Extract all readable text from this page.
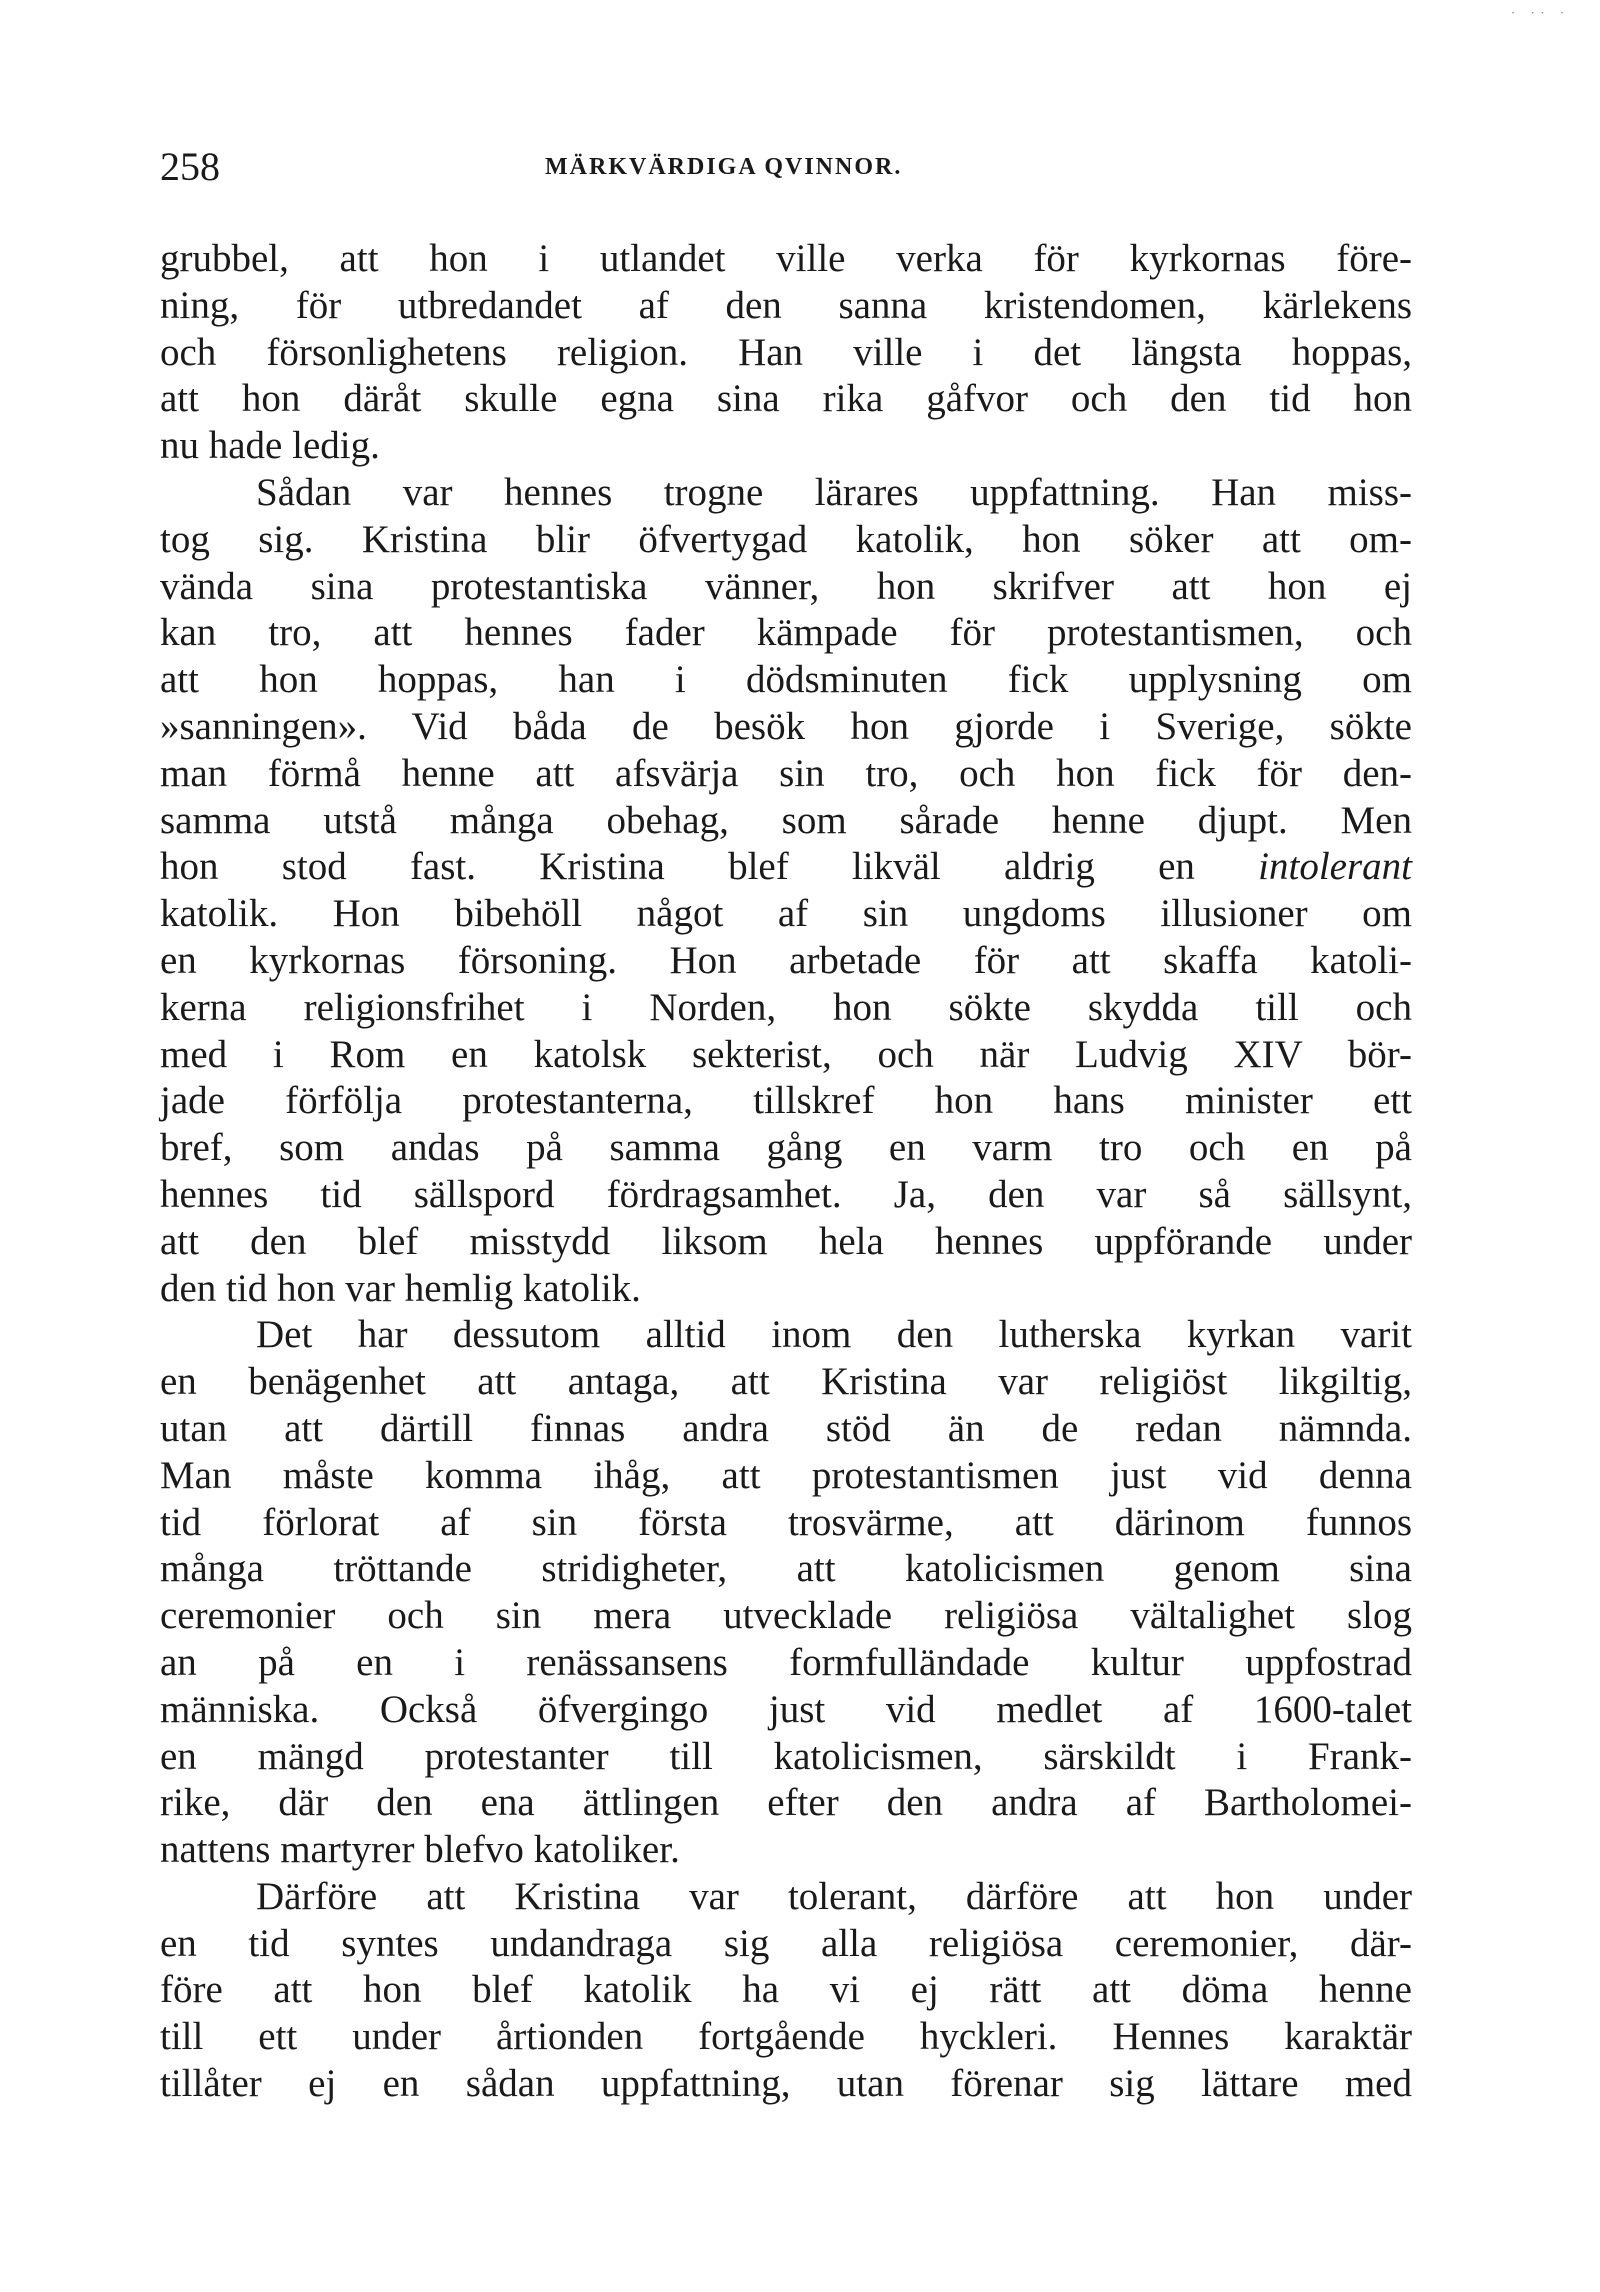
· ·· ·
258	MÄRKVÄRDIGA QVINNOR.
grubbel, att hon i utlandet ville verka för kyrkornas före-
ning, för utbredandet af den sanna kristendomen, kärlekens
och försonlighetens religion. Han ville i det längsta hoppas,
att hon däråt skulle egna sina rika gåfvor och den tid hon
nu hade ledig.
Sådan var hennes trogne lärares uppfattning. Han miss-
tog sig. Kristina blir öfvertygad katolik, hon söker att om-
vända sina protestantiska vänner, hon skrifver att hon ej
kan tro, att hennes fader kämpade för protestantismen, och
att hon hoppas, han i dödsminuten fick upplysning om
»sanningen». Vid båda de besök hon gjorde i Sverige, sökte
man förmå henne att afsvärja sin tro, och hon fick för den-
samma utstå många obehag, som sårade henne djupt. Men
hon stod fast. Kristina blef likväl aldrig en intolerant
katolik. Hon bibehöll något af sin ungdoms illusioner om
en kyrkornas försoning. Hon arbetade för att skaffa katoli-
kerna religionsfrihet i Norden, hon sökte skydda till och
med i Rom en katolsk sekterist, och när Ludvig XIV bör-
jade förfölja protestanterna, tillskref hon hans minister ett
bref, som andas på samma gång en varm tro och en på
hennes tid sällspord fördragsamhet. Ja, den var så sällsynt,
att den blef misstydd liksom hela hennes uppförande under
den tid hon var hemlig katolik.
Det har dessutom alltid inom den lutherska kyrkan varit
en benägenhet att antaga, att Kristina var religiöst likgiltig,
utan att därtill finnas andra stöd än de redan nämnda.
Man måste komma ihåg, att protestantismen just vid denna
tid förlorat af sin första trosvärme, att därinom funnos
många tröttande stridigheter, att katolicismen genom sina
ceremonier och sin mera utvecklade religiösa vältalighet slog
an på en i renässansens formfulländade kultur uppfostrad
människa. Också öfvergingo just vid medlet af 1600-talet
en mängd protestanter till katolicismen, särskildt i Frank-
rike, där den ena ättlingen efter den andra af Bartholomei-
nattens martyrer blefvo katoliker.
Därföre att Kristina var tolerant, därföre att hon under
en tid syntes undandraga sig alla religiösa ceremonier, där-
före att hon blef katolik ha vi ej rätt att döma henne
till ett under årtionden fortgående hyckleri. Hennes karaktär
tillåter ej en sådan uppfattning, utan förenar sig lättare med
